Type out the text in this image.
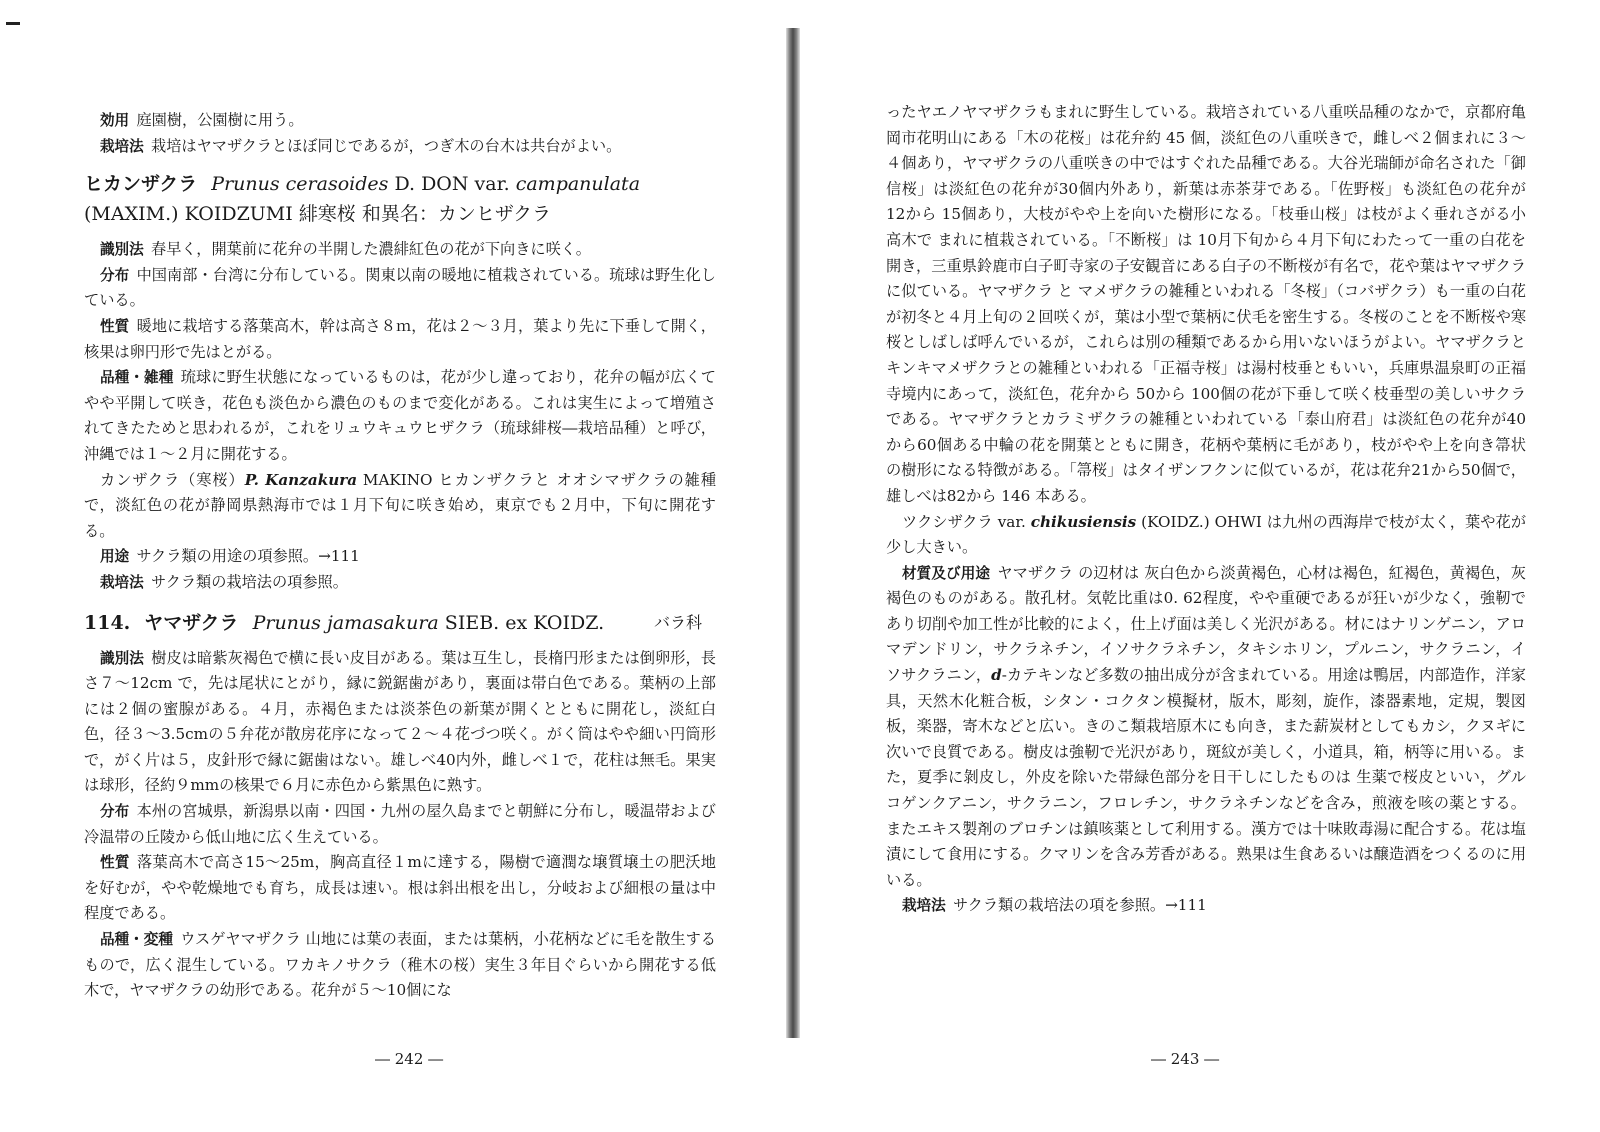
効用 庭園樹，公園樹に用う。

栽培法 栽培はヤマザクラとほぼ同じであるが，つぎ木の台木は共台がよい。

ヒカンザクラ Prunus cerasoides D. DON var. campanulata
(MAXIM.) KOIDZUMI 緋寒桜 和異名：カンヒザクラ

識別法 春早く，開葉前に花弁の半開した濃緋紅色の花が下向きに咲く。

分布 中国南部・台湾に分布している。関東以南の暖地に植栽されている。琉球は野生化している。

性質 暖地に栽培する落葉高木，幹は高さ８ｍ，花は２～３月，葉より先に下垂して開く，核果は卵円形で先はとがる。

品種・雑種 琉球に野生状態になっているものは，花が少し違っており，花弁の幅が広くてやや平開して咲き，花色も淡色から濃色のものまで変化がある。これは実生によって増殖されてきたためと思われるが，これをリュウキュウヒザクラ（琉球緋桜―栽培品種）と呼び，沖縄では１～２月に開花する。

カンザクラ（寒桜）P. Kanzakura MAKINO ヒカンザクラと オオシマザクラの雑種で，淡紅色の花が静岡県熱海市では１月下旬に咲き始め，東京でも２月中，下旬に開花する。

用途 サクラ類の用途の項参照。→111

栽培法 サクラ類の栽培法の項参照。

バラ科
114. ヤマザクラ Prunus jamasakura SIEB. ex KOIDZ.

識別法 樹皮は暗紫灰褐色で横に長い皮目がある。葉は互生し，長楕円形または倒卵形，長さ７～12cm で，先は尾状にとがり，縁に鋭鋸歯があり，裏面は帯白色である。葉柄の上部には２個の蜜腺がある。４月，赤褐色または淡茶色の新葉が開くとともに開花し，淡紅白色，径３～3.5cmの５弁花が散房花序になって２～４花づつ咲く。がく筒はやや細い円筒形で，がく片は５，皮針形で縁に鋸歯はない。雄しべ40内外，雌しべ１で，花柱は無毛。果実は球形，径約９mmの核果で６月に赤色から紫黒色に熟す。

分布 本州の宮城県，新潟県以南・四国・九州の屋久島までと朝鮮に分布し，暖温帯および冷温帯の丘陵から低山地に広く生えている。

性質 落葉高木で高さ15～25m，胸高直径１mに達する，陽樹で適潤な壌質壌土の肥沃地を好むが，やや乾燥地でも育ち，成長は速い。根は斜出根を出し，分岐および細根の量は中程度である。

品種・変種 ウスゲヤマザクラ 山地には葉の表面，または葉柄，小花柄などに毛を散生するもので，広く混生している。ワカキノサクラ（稚木の桜）実生３年目ぐらいから開花する低木で，ヤマザクラの幼形である。花弁が５～10個にな

― 242 ―

ったヤエノヤマザクラもまれに野生している。栽培されている八重咲品種のなかで，京都府亀岡市花明山にある「木の花桜」は花弁約 45 個，淡紅色の八重咲きで，雌しべ２個まれに３～４個あり，ヤマザクラの八重咲きの中ではすぐれた品種である。大谷光瑞師が命名された「御信桜」は淡紅色の花弁が30個内外あり，新葉は赤茶芽である。「佐野桜」も淡紅色の花弁が 12から 15個あり，大枝がやや上を向いた樹形になる。「枝垂山桜」は枝がよく垂れさがる小高木で まれに植栽されている。「不断桜」は 10月下旬から４月下旬にわたって一重の白花を開き，三重県鈴鹿市白子町寺家の子安観音にある白子の不断桜が有名で，花や葉はヤマザクラに似ている。ヤマザクラ と マメザクラの雑種といわれる「冬桜」（コバザクラ）も一重の白花が初冬と４月上旬の２回咲くが，葉は小型で葉柄に伏毛を密生する。冬桜のことを不断桜や寒桜としばしば呼んでいるが，これらは別の種類であるから用いないほうがよい。ヤマザクラとキンキマメザクラとの雑種といわれる「正福寺桜」は湯村枝垂ともいい，兵庫県温泉町の正福寺境内にあって，淡紅色，花弁から 50から 100個の花が下垂して咲く枝垂型の美しいサクラである。ヤマザクラとカラミザクラの雑種といわれている「泰山府君」は淡紅色の花弁が40から60個ある中輪の花を開葉とともに開き，花柄や葉柄に毛があり，枝がやや上を向き箒状の樹形になる特徴がある。「箒桜」はタイザンフクンに似ているが，花は花弁21から50個で，雄しべは82から 146 本ある。

ツクシザクラ var. chikusiensis (KOIDZ.) OHWI は九州の西海岸で枝が太く，葉や花が少し大きい。

材質及び用途 ヤマザクラ の辺材は 灰白色から淡黄褐色，心材は褐色，紅褐色，黄褐色，灰褐色のものがある。散孔材。気乾比重は0. 62程度，やや重硬であるが狂いが少なく，強靭であり切削や加工性が比較的によく，仕上げ面は美しく光沢がある。材にはナリンゲニン，アロマデンドリン，サクラネチン，イソサクラネチン，タキシホリン，プルニン，サクラニン，イソサクラニン，d-カテキンなど多数の抽出成分が含まれている。用途は鴨居，内部造作，洋家具，天然木化粧合板，シタン・コクタン模擬材，版木，彫刻，旋作，漆器素地，定規，製図板，楽器，寄木などと広い。きのこ類栽培原木にも向き，また薪炭材としてもカシ，クヌギに次いで良質である。樹皮は強靭で光沢があり，斑紋が美しく，小道具，箱，柄等に用いる。また，夏季に剝皮し，外皮を除いた帯緑色部分を日干しにしたものは 生薬で桜皮といい，グルコゲンクアニン，サクラニン，フロレチン，サクラネチンなどを含み，煎液を咳の薬とする。またエキス製剤のブロチンは鎮咳薬として利用する。漢方では十味敗毒湯に配合する。花は塩漬にして食用にする。クマリンを含み芳香がある。熟果は生食あるいは醸造酒をつくるのに用いる。

栽培法 サクラ類の栽培法の項を参照。→111

― 243 ―
